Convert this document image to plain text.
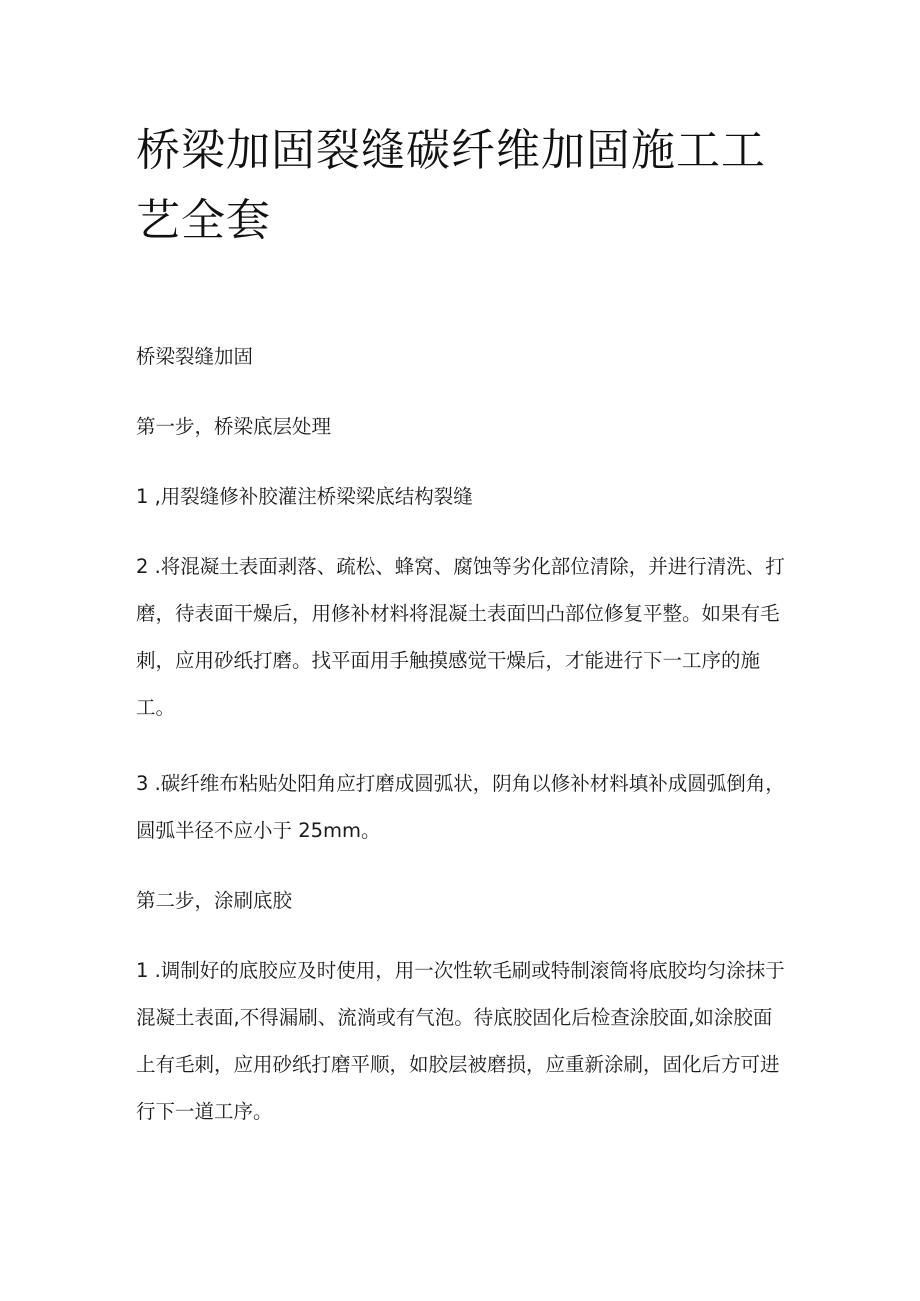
桥梁加固裂缝碳纤维加固施工工艺全套

桥梁裂缝加固

第一步，桥梁底层处理

1 ,用裂缝修补胶灌注桥梁梁底结构裂缝

2 .将混凝土表面剥落、疏松、蜂窝、腐蚀等劣化部位清除，并进行清洗、打磨，待表面干燥后，用修补材料将混凝土表面凹凸部位修复平整。如果有毛刺，应用砂纸打磨。找平面用手触摸感觉干燥后，才能进行下一工序的施工。

3 .碳纤维布粘贴处阳角应打磨成圆弧状，阴角以修补材料填补成圆弧倒角，圆弧半径不应小于 25mm。

第二步，涂刷底胶

1 .调制好的底胶应及时使用，用一次性软毛刷或特制滚筒将底胶均匀涂抹于混凝土表面,不得漏刷、流淌或有气泡。待底胶固化后检查涂胶面,如涂胶面上有毛刺，应用砂纸打磨平顺，如胶层被磨损，应重新涂刷，固化后方可进行下一道工序。
